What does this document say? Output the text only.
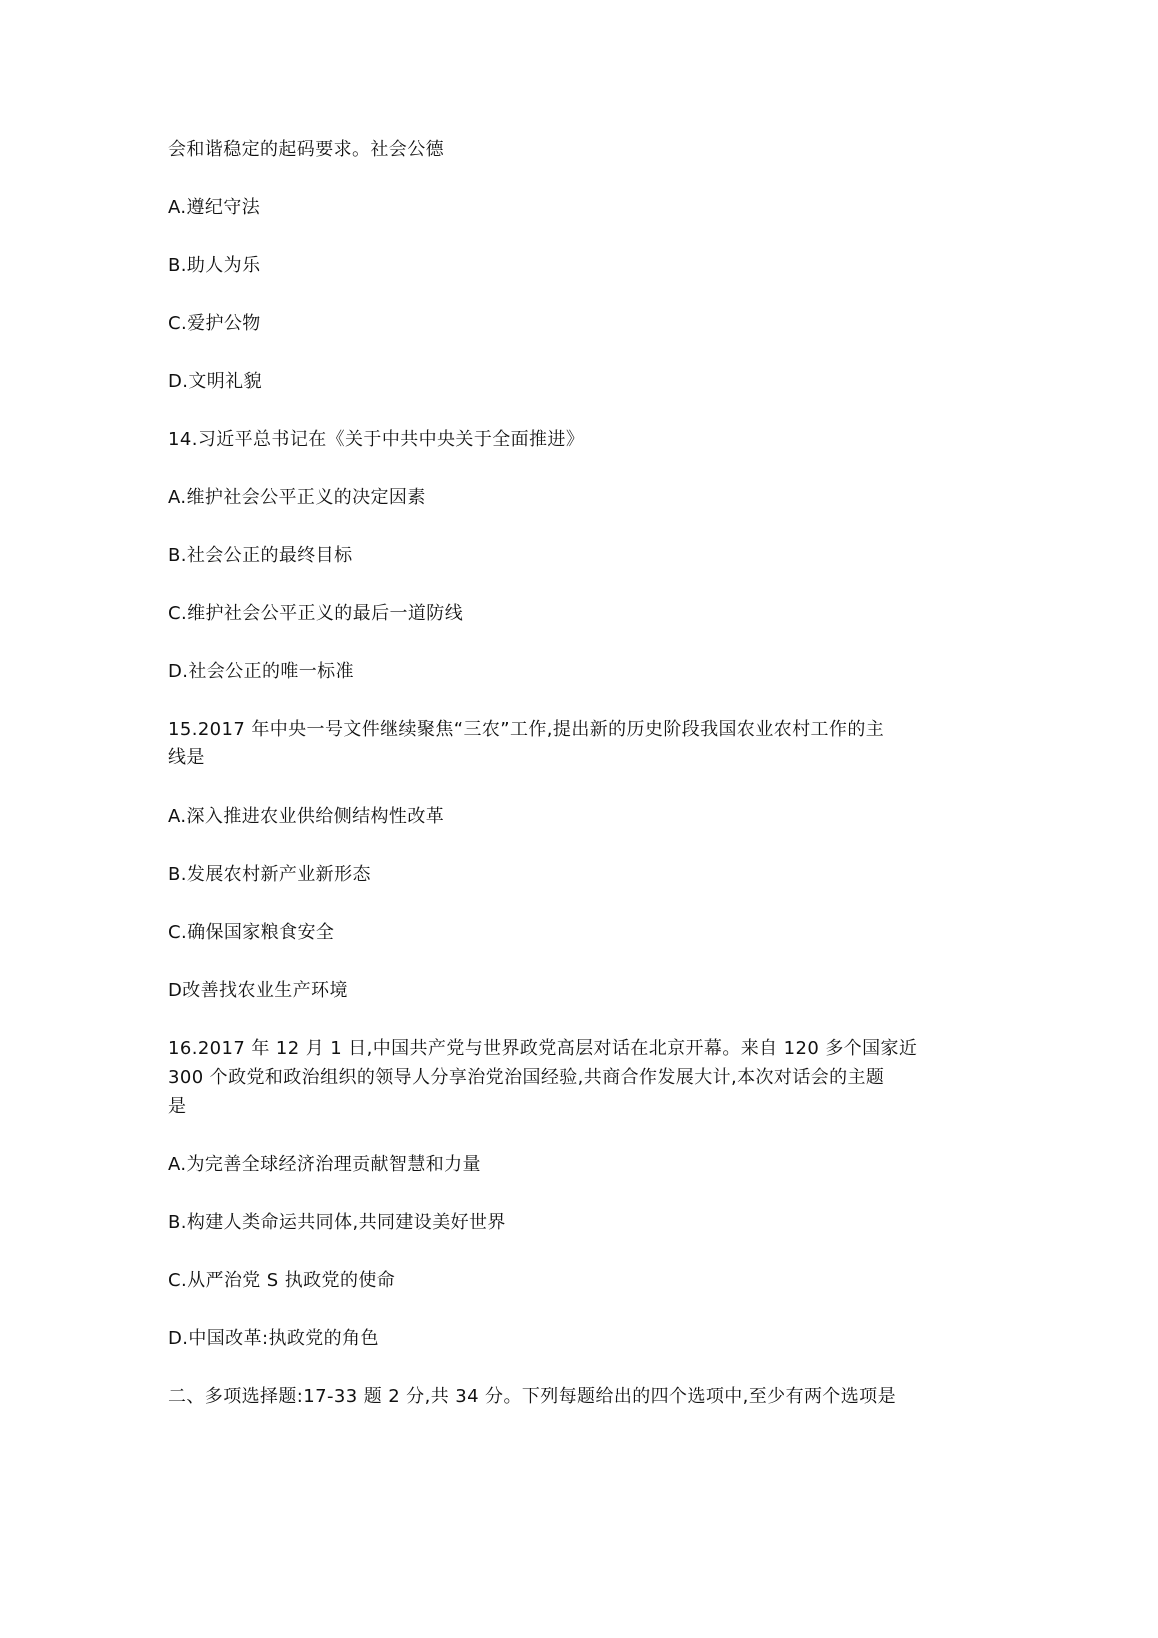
会和谐稳定的起码要求。社会公德
A.遵纪守法
B.助人为乐
C.爱护公物
D.文明礼貌
14.习近平总书记在《关于中共中央关于全面推进》
A.维护社会公平正义的决定因素
B.社会公正的最终目标
C.维护社会公平正义的最后一道防线
D.社会公正的唯一标准
15.2017 年中央一号文件继续聚焦“三农”工作,提出新的历史阶段我国农业农村工作的主
线是
A.深入推进农业供给侧结构性改革
B.发展农村新产业新形态
C.确保国家粮食安全
D改善找农业生产环境
16.2017 年 12 月 1 日,中国共产党与世界政党高层对话在北京开幕。来自 120 多个国家近
300 个政党和政治组织的领导人分享治党治国经验,共商合作发展大计,本次对话会的主题
是
A.为完善全球经济治理贡献智慧和力量
B.构建人类命运共同体,共同建设美好世界
C.从严治党 S 执政党的使命
D.中国改革:执政党的角色
二、多项选择题:17-33 题 2 分,共 34 分。下列每题给出的四个选项中,至少有两个选项是
